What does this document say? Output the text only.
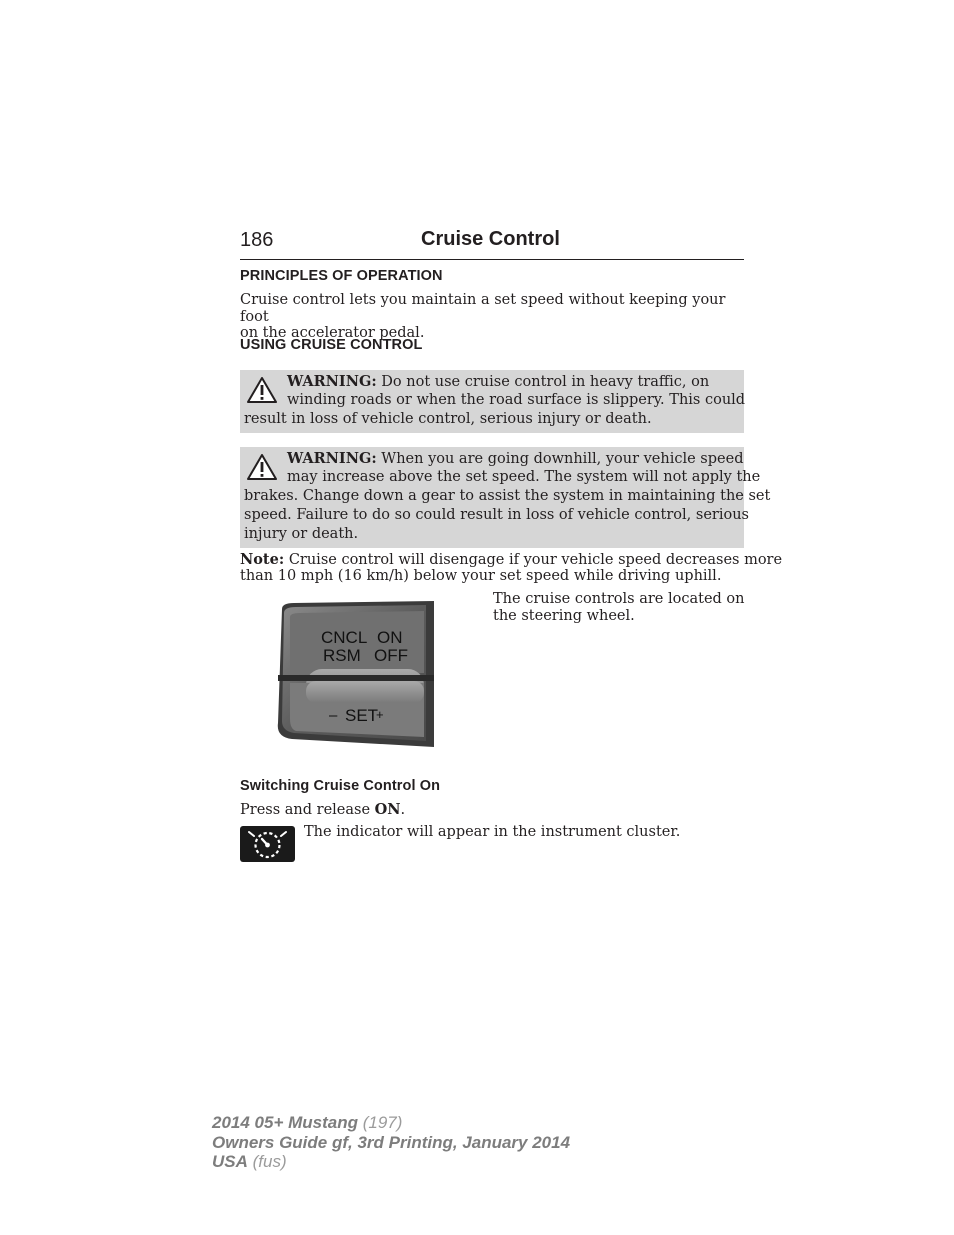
186	Cruise Control
PRINCIPLES OF OPERATION
Cruise control lets you maintain a set speed without keeping your foot
on the accelerator pedal.
USING CRUISE CONTROL
WARNING: Do not use cruise control in heavy traffic, on
winding roads or when the road surface is slippery. This could
result in loss of vehicle control, serious injury or death.
WARNING: When you are going downhill, your vehicle speed
may increase above the set speed. The system will not apply the
brakes. Change down a gear to assist the system in maintaining the set
speed. Failure to do so could result in loss of vehicle control, serious
injury or death.
Note: Cruise control will disengage if your vehicle speed decreases more
than 10 mph (16 km/h) below your set speed while driving uphill.
CNCL
RSM
ON
OFF
– SET
+
The cruise controls are located on
the steering wheel.
Switching Cruise Control On
Press and release ON.
The indicator will appear in the instrument cluster.
2014 05+ Mustang (197)
Owners Guide gf, 3rd Printing, January 2014
USA (fus)
